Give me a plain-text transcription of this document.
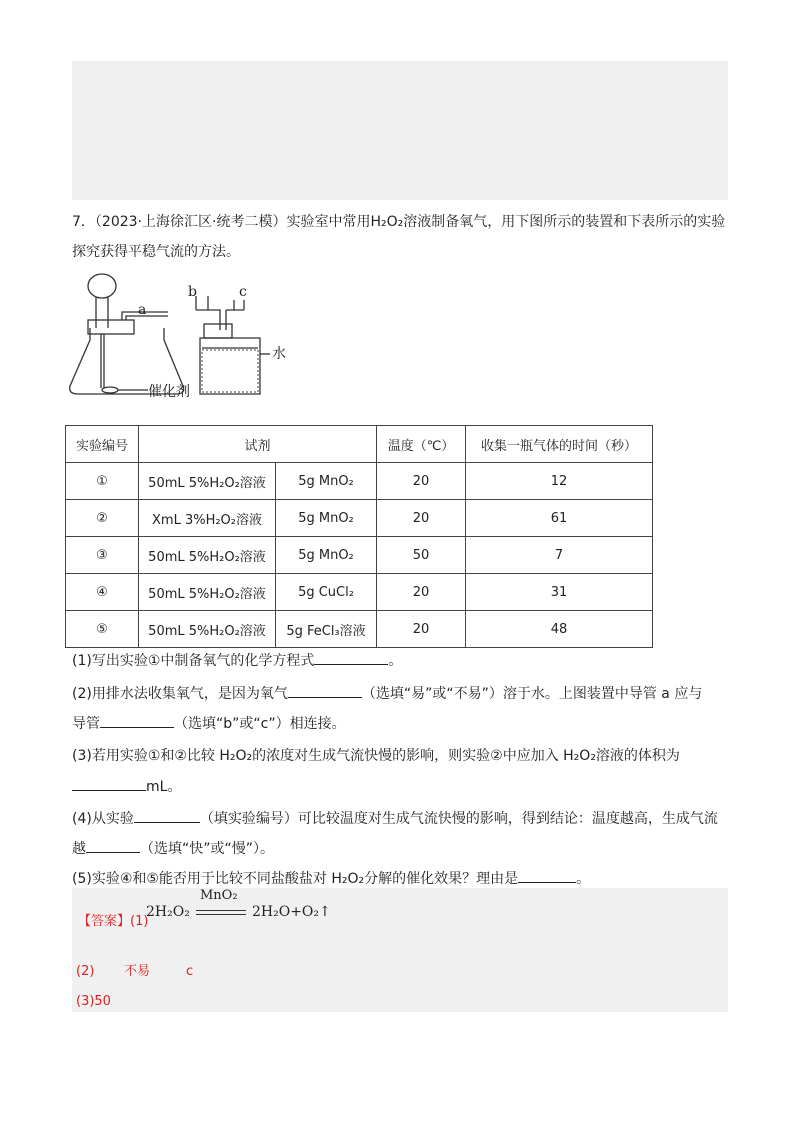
7．（2023·上海徐汇区·统考二模）实验室中常用H₂O₂溶液制备氧气，用下图所示的装置和下表所示的实验
探究获得平稳气流的方法。
a
b	c
水
催化剂
实验编号	试剂		温度（℃）	收集一瓶气体的时间（秒）
①	50mL 5%H₂O₂溶液	5g MnO₂	20	12
②	XmL 3%H₂O₂溶液	5g MnO₂	20	61
③	50mL 5%H₂O₂溶液	5g MnO₂	50	7
④	50mL 5%H₂O₂溶液	5g CuCl₂	20	31
⑤	50mL 5%H₂O₂溶液	5g FeCl₃溶液	20	48
(1)写出实验①中制备氧气的化学方程式	。
(2)用排水法收集氧气，是因为氧气	（选填“易”或“不易”）溶于水。上图装置中导管 a 应与
导管	（选填“b”或“c”）相连接。
(3)若用实验①和②比较 H₂O₂的浓度对生成气流快慢的影响，则实验②中应加入 H₂O₂溶液的体积为
mL。
(4)从实验	（填实验编号）可比较温度对生成气流快慢的影响，得到结论：温度越高，生成气流
越	（选填“快”或“慢”）。
(5)实验④和⑤能否用于比较不同盐酸盐对 H₂O₂分解的催化效果？理由是	。
【答案】(1)
2H₂O₂
MnO₂
2H₂O+O₂↑
(2) 不易	c
(3)50
